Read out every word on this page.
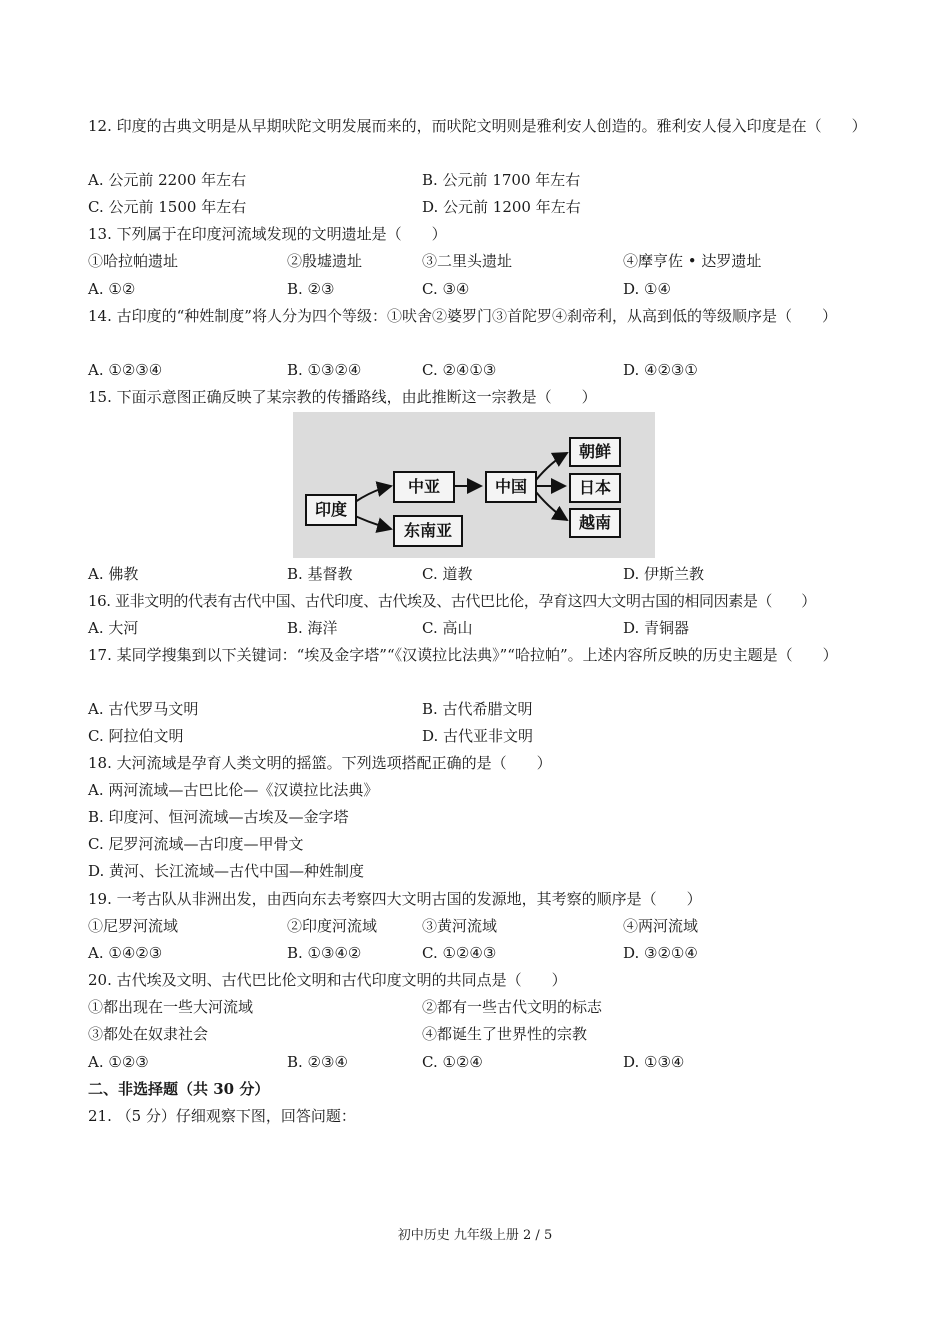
12. 印度的古典文明是从早期吠陀文明发展而来的，而吠陀文明则是雅利安人创造的。雅利安人侵入印度是在（　　）
A. 公元前 2200 年左右	B. 公元前 1700 年左右
C. 公元前 1500 年左右	D. 公元前 1200 年左右
13. 下列属于在印度河流域发现的文明遗址是（　　）
①哈拉帕遗址	②殷墟遗址	③二里头遗址	④摩亨佐 • 达罗遗址
A. ①②	B. ②③	C. ③④	D. ①④
14. 古印度的“种姓制度”将人分为四个等级：①吠舍②婆罗门③首陀罗④刹帝利，从高到低的等级顺序是（　　）
A. ①②③④	B. ①③②④	C. ②④①③	D. ④②③①
15. 下面示意图正确反映了某宗教的传播路线，由此推断这一宗教是（　　）
印度
中亚
东南亚
中国
朝鲜
日本
越南
A. 佛教	B. 基督教	C. 道教	D. 伊斯兰教
16. 亚非文明的代表有古代中国、古代印度、古代埃及、古代巴比伦，孕育这四大文明古国的相同因素是（　　）
A. 大河	B. 海洋	C. 高山	D. 青铜器
17. 某同学搜集到以下关键词：“埃及金字塔”“《汉谟拉比法典》”“哈拉帕”。上述内容所反映的历史主题是（　　）
A. 古代罗马文明	B. 古代希腊文明
C. 阿拉伯文明	D. 古代亚非文明
18. 大河流域是孕育人类文明的摇篮。下列选项搭配正确的是（　　）
A. 两河流域—古巴比伦—《汉谟拉比法典》
B. 印度河、恒河流域—古埃及—金字塔
C. 尼罗河流域—古印度—甲骨文
D. 黄河、长江流域—古代中国—种姓制度
19. 一考古队从非洲出发，由西向东去考察四大文明古国的发源地，其考察的顺序是（　　）
①尼罗河流域	②印度河流域	③黄河流域	④两河流域
A. ①④②③	B. ①③④②	C. ①②④③	D. ③②①④
20. 古代埃及文明、古代巴比伦文明和古代印度文明的共同点是（　　）
①都出现在一些大河流域	②都有一些古代文明的标志
③都处在奴隶社会	④都诞生了世界性的宗教
A. ①②③	B. ②③④	C. ①②④	D. ①③④
二、非选择题（共 30 分）
21. （5 分）仔细观察下图，回答问题：
初中历史 九年级上册 2 / 5
